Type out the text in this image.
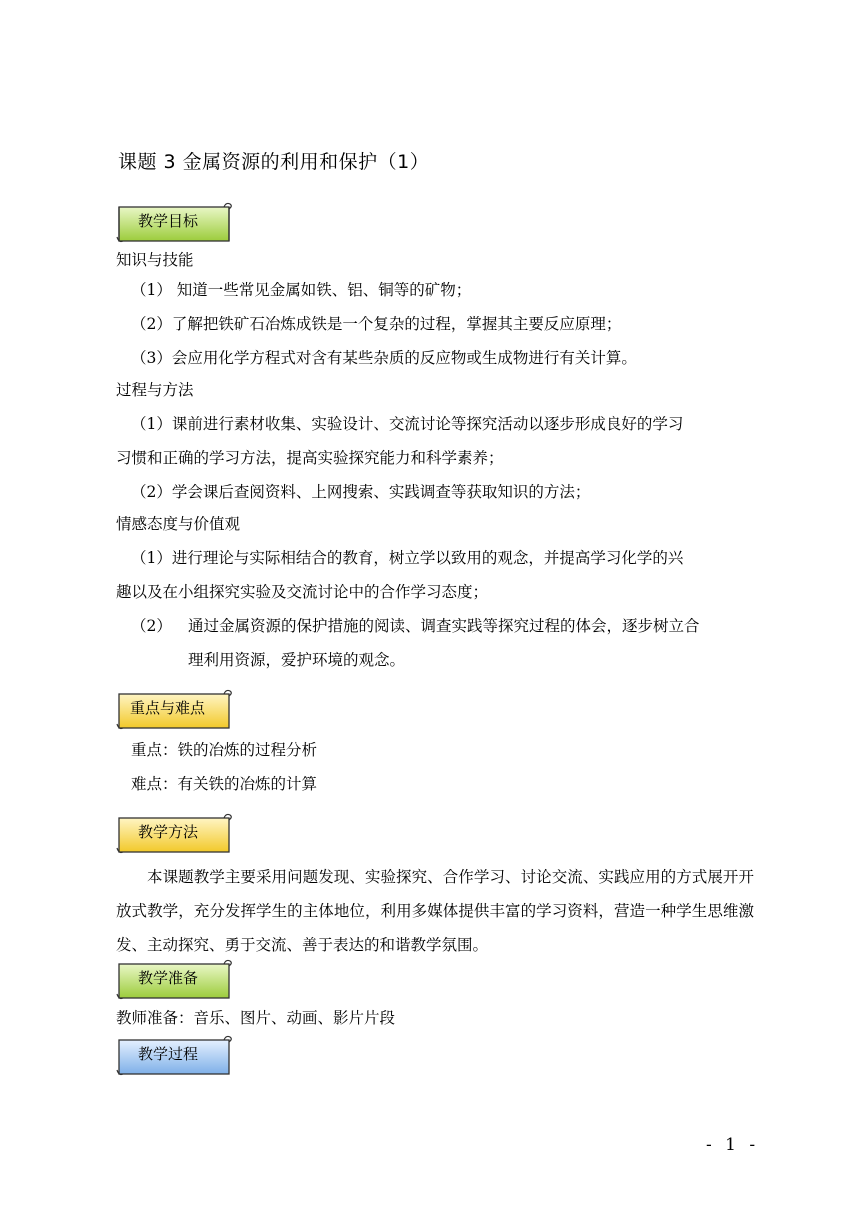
课题 3 金属资源的利用和保护（1）
教学目标
知识与技能
（1） 知道一些常见金属如铁、铝、铜等的矿物；
（2）了解把铁矿石冶炼成铁是一个复杂的过程，掌握其主要反应原理；
（3）会应用化学方程式对含有某些杂质的反应物或生成物进行有关计算。
过程与方法
（1）课前进行素材收集、实验设计、交流讨论等探究活动以逐步形成良好的学习
习惯和正确的学习方法，提高实验探究能力和科学素养；
（2）学会课后查阅资料、上网搜索、实践调查等获取知识的方法；
情感态度与价值观
（1）进行理论与实际相结合的教育，树立学以致用的观念，并提高学习化学的兴
趣以及在小组探究实验及交流讨论中的合作学习态度；
（2） 通过金属资源的保护措施的阅读、调查实践等探究过程的体会，逐步树立合
理利用资源，爱护环境的观念。
重点与难点
重点：铁的冶炼的过程分析
难点：有关铁的冶炼的计算
教学方法
本课题教学主要采用问题发现、实验探究、合作学习、讨论交流、实践应用的方式展开开放式教学，充分发挥学生的主体地位，利用多媒体提供丰富的学习资料，营造一种学生思维激发、主动探究、勇于交流、善于表达的和谐教学氛围。
教学准备
教师准备：音乐、图片、动画、影片片段
教学过程
- 1 -
